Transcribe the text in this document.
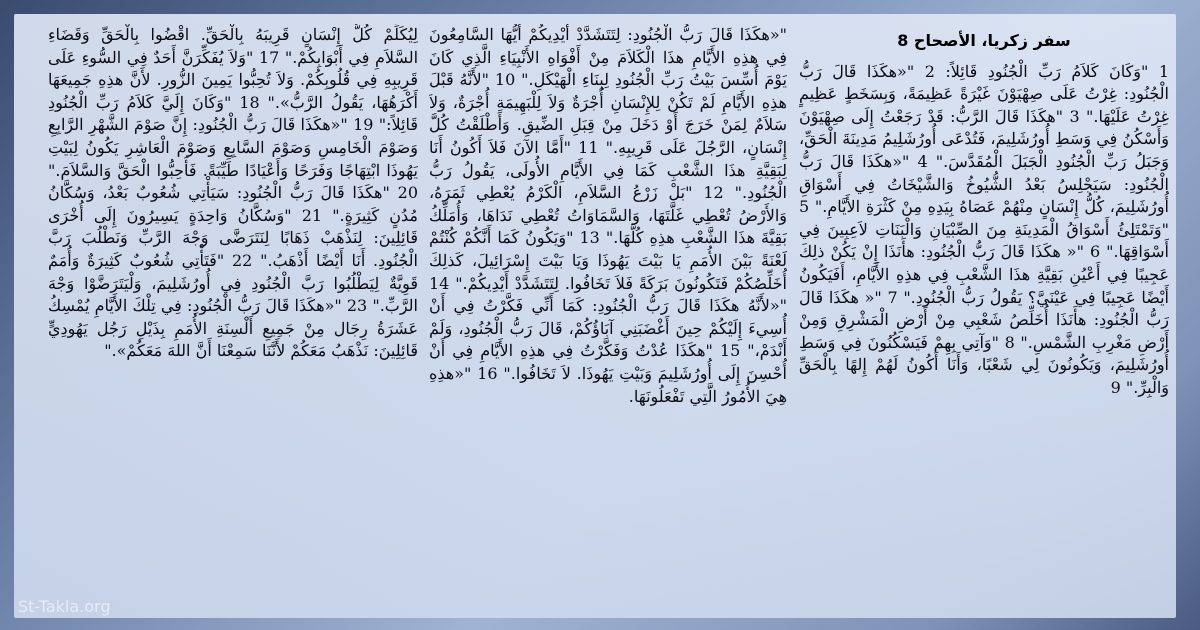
سفر زكريا، الأصحاح 8
1 "وَكَانَ كَلاَمُ رَبِّ الْجُنُودِ قَائِلاً: 2 "«هكَذَا قَالَ رَبُّ الْجُنُودِ: غِرْتُ عَلَى صِهْيَوْنَ غَيْرَةً عَظِيمَةً، وَبِسَخَطٍ عَظِيمٍ غِرْتُ عَلَيْهَا." 3 "هكَذَا قَالَ الرَّبُّ: قَدْ رَجَعْتُ إِلَى صِهْيَوْنَ وَأَسْكُنُ فِي وَسَطِ أُورُشَلِيمَ، فَتُدْعَى أُورُشَلِيمُ مَدِينَةَ الْحَقِّ، وَجَبَلُ رَبِّ الْجُنُودِ الْجَبَلَ الْمُقَدَّسَ." 4 "«هكَذَا قَالَ رَبُّ الْجُنُودِ: سَيَجْلِسُ بَعْدُ الشُّيُوخُ وَالشَّيْخَاتُ فِي أَسْوَاقِ أُورُشَلِيمَ، كُلُّ إِنْسَانٍ مِنْهُمْ عَصَاهُ بِيَدِهِ مِنْ كَثْرَةِ الأَيَّامِ." 5 "وَتَمْتَلِئُ أَسْوَاقُ الْمَدِينَةِ مِنَ الصِّبْيَانِ وَالْبَنَاتِ لاَعِبِينَ فِي أَسْوَاقِهَا." 6 "« هكَذَا قَالَ رَبُّ الْجُنُودِ: هأَنَذَا إِنْ يَكُنْ ذلِكَ عَجِيبًا فِي أَعْيُنِ بَقِيَّةِ هذَا الشَّعْبِ فِي هذِهِ الأَيَّامِ، أَفَيَكُونُ أَيْضًا عَجِيبًا فِي عَيْنَيَّ؟ يَقُولُ رَبُّ الْجُنُودِ." 7 "« هكَذَا قَالَ رَبُّ الْجُنُودِ: هأَنَذَا أُخَلِّصُ شَعْبِي مِنْ أَرْضِ الْمَشْرِقِ وَمِنْ أَرْضِ مَغْرِبِ الشَّمْسِ." 8 "وَآتِي بِهِمْ فَيَسْكُنُونَ فِي وَسَطِ أُورُشَلِيمَ، وَيَكُونُونَ لِي شَعْبًا، وَأَنَا أَكُونُ لَهُمْ إِلهًا بِالْحَقِّ وَالْبِرِّ." 9
"«هكَذَا قَالَ رَبُّ الْجُنُودِ: لِتَتَشَدَّدْ أَيْدِيكُمْ أَيُّهَا السَّامِعُونَ فِي هذِهِ الأَيَّامِ هذَا الْكَلاَمَ مِنْ أَفْوَاهِ الأَنْبِيَاءِ الَّذِي كَانَ يَوْمَ أُسِّسَ بَيْتُ رَبِّ الْجُنُودِ لِبِنَاءِ الْهَيْكَلِ." 10 "لأَنَّهُ قَبْلَ هذِهِ الأَيَّامِ لَمْ تَكُنْ لِلإِنْسَانِ أُجْرَةٌ وَلاَ لِلْبَهِيمَةِ أُجْرَةٌ، وَلاَ سَلاَمٌ لِمَنْ خَرَجَ أَوْ دَخَلَ مِنْ قِبَلِ الضِّيقِ. وَأَطْلَقْتُ كُلَّ إِنْسَانٍ، الرَّجُلَ عَلَى قَرِيبِهِ." 11 "أَمَّا الآنَ فَلاَ أَكُونُ أَنَا لِبَقِيَّةِ هذَا الشَّعْبِ كَمَا فِي الأَيَّامِ الأُولَى، يَقُولُ رَبُّ الْجُنُودِ." 12 "بَلْ زَرْعُ السَّلاَمِ، الْكَرْمُ يُعْطِي ثَمَرَهُ، وَالأَرْضُ تُعْطِي غَلَّتَهَا، وَالسَّمَاوَاتُ تُعْطِي نَدَاهَا، وَأُمَلِّكُ بَقِيَّةَ هذَا الشَّعْبِ هذِهِ كُلَّهَا." 13 "وَيَكُونُ كَمَا أَنَّكُمْ كُنْتُمْ لَعْنَةً بَيْنَ الأُمَمِ يَا بَيْتَ يَهُوذَا وَيَا بَيْتَ إِسْرَائِيلَ، كَذلِكَ أُخَلِّصُكُمْ فَتَكُونُونَ بَرَكَةً فَلاَ تَخَافُوا. لِتَتَشَدَّدْ أَيْدِيكُمْ." 14 "«لأَنَّهُ هكَذَا قَالَ رَبُّ الْجُنُودِ: كَمَا أَنِّي فَكَّرْتُ فِي أَنْ أُسِيءَ إِلَيْكُمْ حِينَ أَغْضَبَنِي آبَاؤُكُمْ، قَالَ رَبُّ الْجُنُودِ، وَلَمْ أَنْدَمْ،" 15 "هكَذَا عُدْتُ وَفَكَّرْتُ فِي هذِهِ الأَيَّامِ فِي أَنْ أُحْسِنَ إِلَى أُورُشَلِيمَ وَبَيْتِ يَهُوذَا. لاَ تَخَافُوا." 16 "«هذِهِ هِيَ الأُمُورُ الَّتِي تَفْعَلُونَهَا.
لِيُكَلِّمْ كُلُّ إِنْسَانٍ قَرِيبَهُ بِالْحَقِّ. اقْضُوا بِالْحَقِّ وَقَضَاءِ السَّلاَمِ فِي أَبْوَابِكُمْ." 17 "وَلاَ يُفَكِّرَنَّ أَحَدٌ فِي السُّوءِ عَلَى قَرِيبِهِ فِي قُلُوبِكُمْ. وَلاَ تُحِبُّوا يَمِينَ الزُّورِ. لأَنَّ هذِهِ جَمِيعَهَا أَكْرَهُهَا، يَقُولُ الرَّبُّ»." 18 "وَكَانَ إِلَيَّ كَلاَمُ رَبِّ الْجُنُودِ قَائِلاً:" 19 "«هكَذَا قَالَ رَبُّ الْجُنُودِ: إِنَّ صَوْمَ الشَّهْرِ الرَّابِعِ وَصَوْمَ الْخَامِسِ وَصَوْمَ السَّابِعِ وَصَوْمَ الْعَاشِرِ يَكُونُ لِبَيْتِ يَهُوذَا ابْتِهَاجًا وَفَرَحًا وَأَعْيَادًا طَيِّبَةً. فَأَحِبُّوا الْحَقَّ وَالسَّلاَمَ." 20 "هكَذَا قَالَ رَبُّ الْجُنُودِ: سَيَأْتِي شُعُوبٌ بَعْدُ، وَسُكَّانُ مُدُنٍ كَثِيرَةٍ." 21 "وَسُكَّانُ وَاحِدَةٍ يَسِيرُونَ إِلَى أُخْرَى قَائِلِينَ: لِنَذْهَبْ ذَهَابًا لِنَتَرَضَّى وَجْهَ الرَّبِّ وَنَطْلُبَ رَبَّ الْجُنُودِ. أَنَا أَيْضًا أَذْهَبُ." 22 "فَتَأْتِي شُعُوبٌ كَثِيرَةٌ وَأُمَمٌ قَوِيَّةٌ لِيَطْلُبُوا رَبَّ الْجُنُودِ فِي أُورُشَلِيمَ، وَلْيَتَرَضَّوْا وَجْهَ الرَّبِّ." 23 "«هكَذَا قَالَ رَبُّ الْجُنُودِ: فِي تِلْكَ الأَيَّامِ يُمْسِكُ عَشَرَةُ رِجَال مِنْ جَمِيعِ أَلْسِنَةِ الأُمَمِ بِذَيْلِ رَجُل يَهُودِيٍّ قَائِلِينَ: نَذْهَبُ مَعَكُمْ لأَنَّنَا سَمِعْنَا أَنَّ اللهَ مَعَكُمْ»."
St-Takla.org
